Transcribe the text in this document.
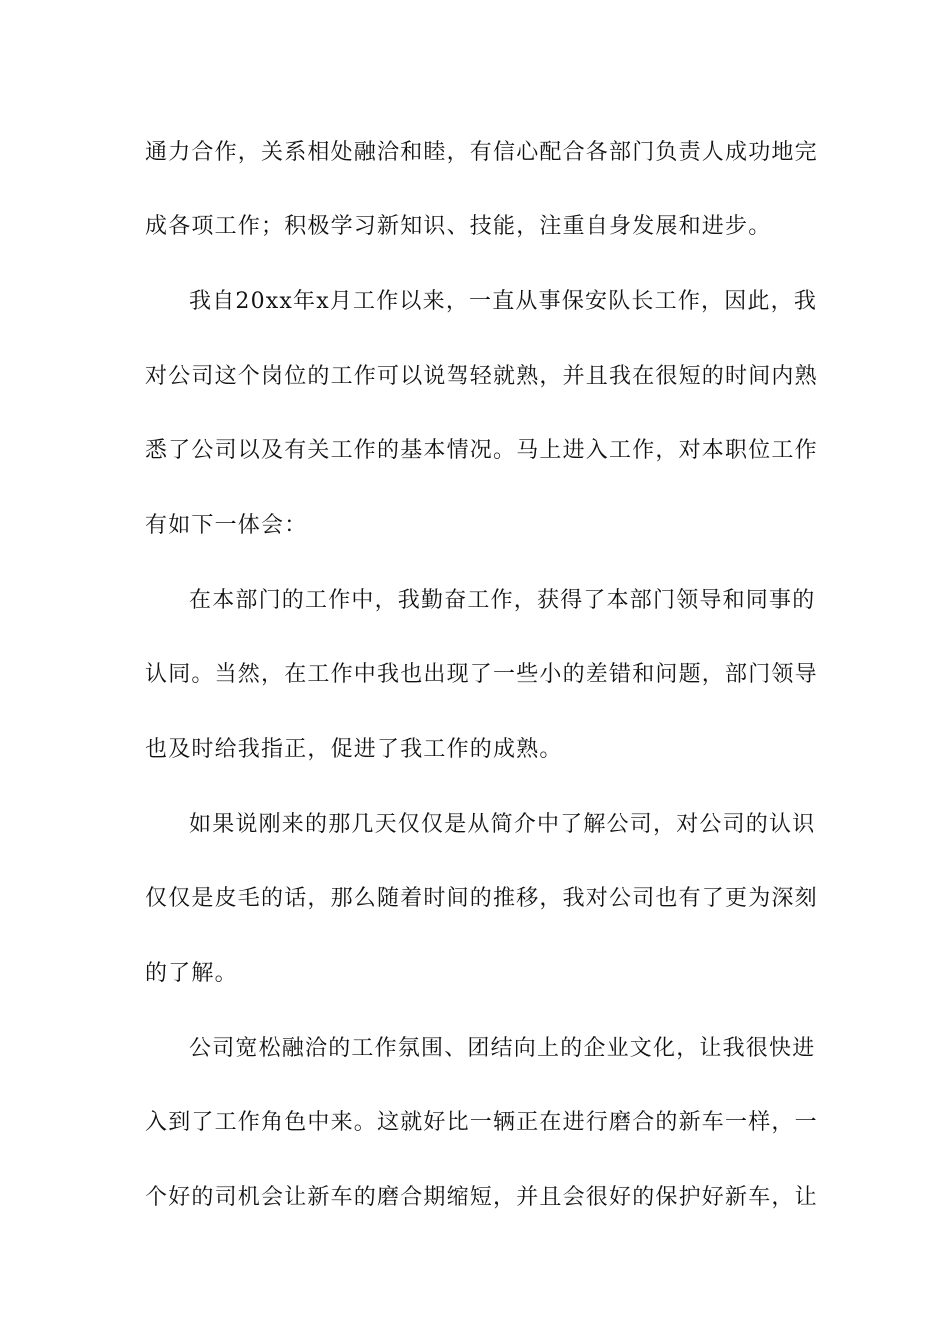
通力合作，关系相处融洽和睦，有信心配合各部门负责人成功地完
成各项工作；积极学习新知识、技能，注重自身发展和进步。
我自20xx年x月工作以来，一直从事保安队长工作，因此，我
对公司这个岗位的工作可以说驾轻就熟，并且我在很短的时间内熟
悉了公司以及有关工作的基本情况。马上进入工作，对本职位工作
有如下一体会：
在本部门的工作中，我勤奋工作，获得了本部门领导和同事的
认同。当然，在工作中我也出现了一些小的差错和问题，部门领导
也及时给我指正，促进了我工作的成熟。
如果说刚来的那几天仅仅是从简介中了解公司，对公司的认识
仅仅是皮毛的话，那么随着时间的推移，我对公司也有了更为深刻
的了解。
公司宽松融洽的工作氛围、团结向上的企业文化，让我很快进
入到了工作角色中来。这就好比一辆正在进行磨合的新车一样，一
个好的司机会让新车的磨合期缩短，并且会很好的保护好新车，让
